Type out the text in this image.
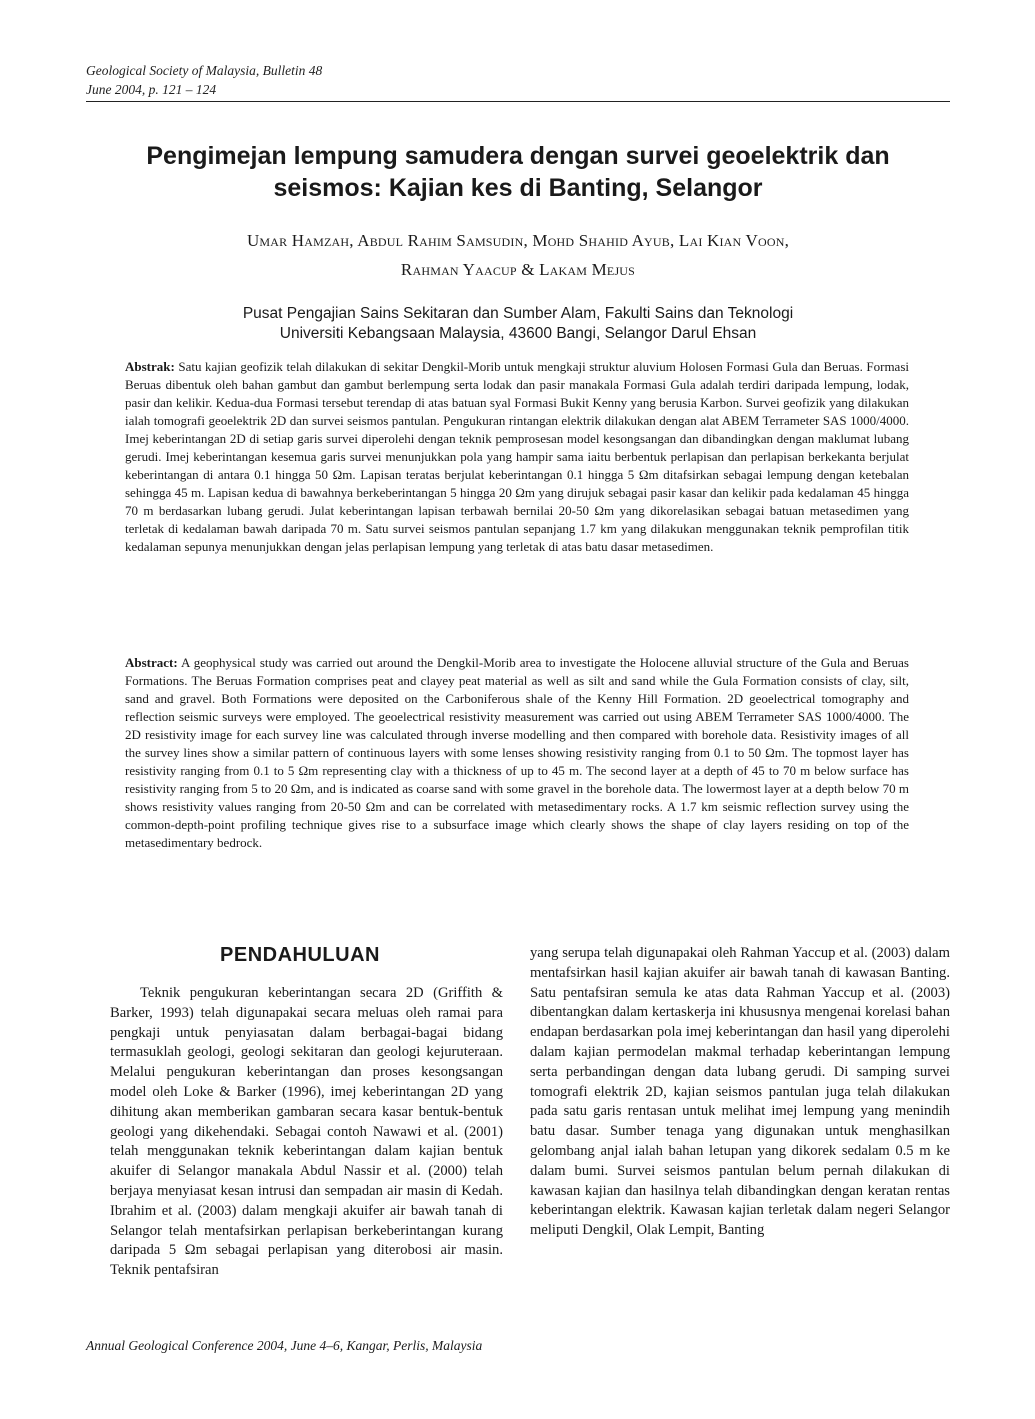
Geological Society of Malaysia, Bulletin 48
June 2004, p. 121 – 124
Pengimejan lempung samudera dengan survei geoelektrik dan
seismos: Kajian kes di Banting, Selangor
Umar Hamzah, Abdul Rahim Samsudin, Mohd Shahid Ayub, Lai Kian Voon,
Rahman Yaacup & Lakam Mejus
Pusat Pengajian Sains Sekitaran dan Sumber Alam, Fakulti Sains dan Teknologi
Universiti Kebangsaan Malaysia, 43600 Bangi, Selangor Darul Ehsan

Abstrak: Satu kajian geofizik telah dilakukan di sekitar Dengkil-Morib untuk mengkaji struktur aluvium Holosen Formasi Gula dan Beruas. Formasi Beruas dibentuk oleh bahan gambut dan gambut berlempung serta lodak dan pasir manakala Formasi Gula adalah terdiri daripada lempung, lodak, pasir dan kelikir. Kedua-dua Formasi tersebut terendap di atas batuan syal Formasi Bukit Kenny yang berusia Karbon. Survei geofizik yang dilakukan ialah tomografi geoelektrik 2D dan survei seismos pantulan. Pengukuran rintangan elektrik dilakukan dengan alat ABEM Terrameter SAS 1000/4000. Imej keberintangan 2D di setiap garis survei diperolehi dengan teknik pemprosesan model kesongsangan dan dibandingkan dengan maklumat lubang gerudi. Imej keberintangan kesemua garis survei menunjukkan pola yang hampir sama iaitu berbentuk perlapisan dan perlapisan berkekanta berjulat keberintangan di antara 0.1 hingga 50 Ωm. Lapisan teratas berjulat keberintangan 0.1 hingga 5 Ωm ditafsirkan sebagai lempung dengan ketebalan sehingga 45 m. Lapisan kedua di bawahnya berkeberintangan 5 hingga 20 Ωm yang dirujuk sebagai pasir kasar dan kelikir pada kedalaman 45 hingga 70 m berdasarkan lubang gerudi. Julat keberintangan lapisan terbawah bernilai 20-50 Ωm yang dikorelasikan sebagai batuan metasedimen yang terletak di kedalaman bawah daripada 70 m. Satu survei seismos pantulan sepanjang 1.7 km yang dilakukan menggunakan teknik pemprofilan titik kedalaman sepunya menunjukkan dengan jelas perlapisan lempung yang terletak di atas batu dasar metasedimen.

Abstract: A geophysical study was carried out around the Dengkil-Morib area to investigate the Holocene alluvial structure of the Gula and Beruas Formations. The Beruas Formation comprises peat and clayey peat material as well as silt and sand while the Gula Formation consists of clay, silt, sand and gravel. Both Formations were deposited on the Carboniferous shale of the Kenny Hill Formation. 2D geoelectrical tomography and reflection seismic surveys were employed. The geoelectrical resistivity measurement was carried out using ABEM Terrameter SAS 1000/4000. The 2D resistivity image for each survey line was calculated through inverse modelling and then compared with borehole data. Resistivity images of all the survey lines show a similar pattern of continuous layers with some lenses showing resistivity ranging from 0.1 to 50 Ωm. The topmost layer has resistivity ranging from 0.1 to 5 Ωm representing clay with a thickness of up to 45 m. The second layer at a depth of 45 to 70 m below surface has resistivity ranging from 5 to 20 Ωm, and is indicated as coarse sand with some gravel in the borehole data. The lowermost layer at a depth below 70 m shows resistivity values ranging from 20-50 Ωm and can be correlated with metasedimentary rocks. A 1.7 km seismic reflection survey using the common-depth-point profiling technique gives rise to a subsurface image which clearly shows the shape of clay layers residing on top of the metasedimentary bedrock.

PENDAHULUAN

Teknik pengukuran keberintangan secara 2D (Griffith & Barker, 1993) telah digunapakai secara meluas oleh ramai para pengkaji untuk penyiasatan dalam berbagai-bagai bidang termasuklah geologi, geologi sekitaran dan geologi kejuruteraan. Melalui pengukuran keberintangan dan proses kesongsangan model oleh Loke & Barker (1996), imej keberintangan 2D yang dihitung akan memberikan gambaran secara kasar bentuk-bentuk geologi yang dikehendaki. Sebagai contoh Nawawi et al. (2001) telah menggunakan teknik keberintangan dalam kajian bentuk akuifer di Selangor manakala Abdul Nassir et al. (2000) telah berjaya menyiasat kesan intrusi dan sempadan air masin di Kedah. Ibrahim et al. (2003) dalam mengkaji akuifer air bawah tanah di Selangor telah mentafsirkan perlapisan berkeberintangan kurang daripada 5 Ωm sebagai perlapisan yang diterobosi air masin. Teknik pentafsiran

yang serupa telah digunapakai oleh Rahman Yaccup et al. (2003) dalam mentafsirkan hasil kajian akuifer air bawah tanah di kawasan Banting. Satu pentafsiran semula ke atas data Rahman Yaccup et al. (2003) dibentangkan dalam kertaskerja ini khususnya mengenai korelasi bahan endapan berdasarkan pola imej keberintangan dan hasil yang diperolehi dalam kajian permodelan makmal terhadap keberintangan lempung serta perbandingan dengan data lubang gerudi. Di samping survei tomografi elektrik 2D, kajian seismos pantulan juga telah dilakukan pada satu garis rentasan untuk melihat imej lempung yang menindih batu dasar. Sumber tenaga yang digunakan untuk menghasilkan gelombang anjal ialah bahan letupan yang dikorek sedalam 0.5 m ke dalam bumi. Survei seismos pantulan belum pernah dilakukan di kawasan kajian dan hasilnya telah dibandingkan dengan keratan rentas keberintangan elektrik. Kawasan kajian terletak dalam negeri Selangor meliputi Dengkil, Olak Lempit, Banting

Annual Geological Conference 2004, June 4–6, Kangar, Perlis, Malaysia
